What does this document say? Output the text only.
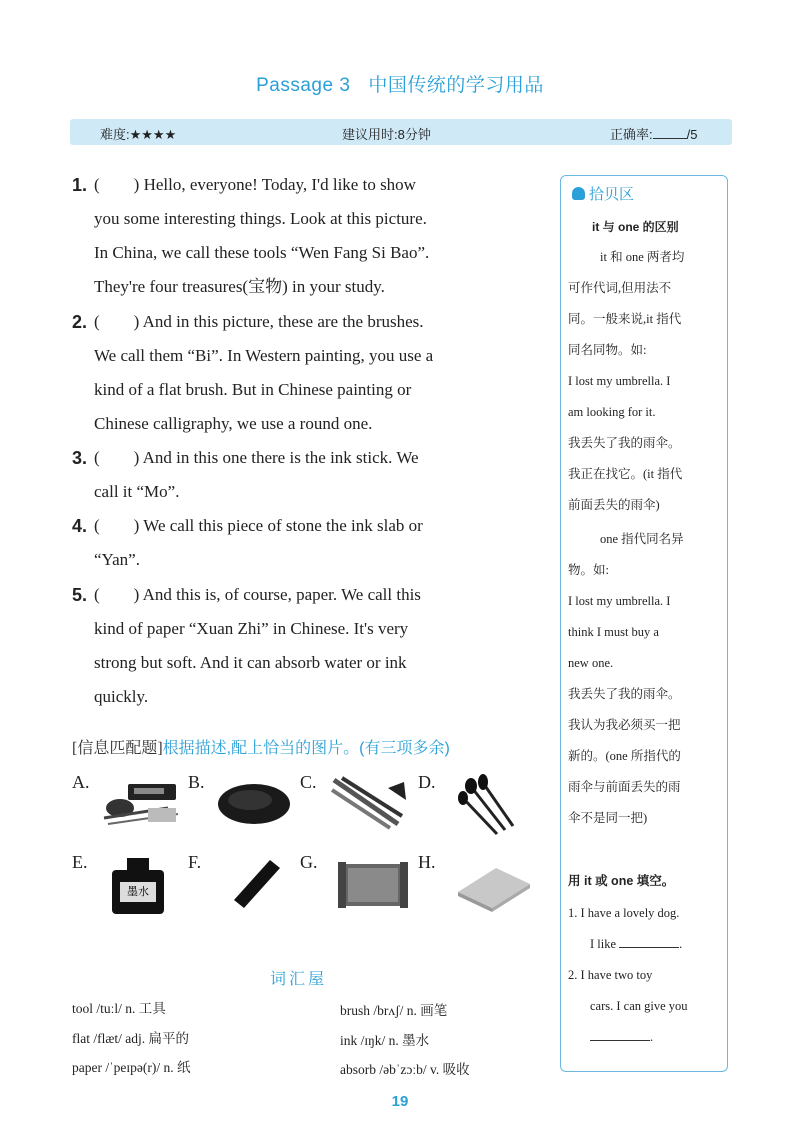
Passage 3 中国传统的学习用品
难度:★★★★	建议用时:8分钟	正确率:	/5
1. (　　) Hello, everyone! Today, I'd like to show
you some interesting things. Look at this picture.
In China, we call these tools “Wen Fang Si Bao”.
They're four treasures(宝物) in your study.
2. (　　) And in this picture, these are the brushes.
We call them “Bi”. In Western painting, you use a
kind of a flat brush. But in Chinese painting or
Chinese calligraphy, we use a round one.
3. (　　) And in this one there is the ink stick. We
call it “Mo”.
4. (　　) We call this piece of stone the ink slab or
“Yan”.
5. (　　) And this is, of course, paper. We call this
kind of paper “Xuan Zhi” in Chinese. It's very
strong but soft. And it can absorb water or ink
quickly.
[信息匹配题]根据描述,配上恰当的图片。(有三项多余)
A.	B.	C.	D.
E.
墨水
F.	G.	H.
拾贝区
it 与 one 的区别
it 和 one 两者均
可作代词,但用法不
同。一般来说,it 指代
同名同物。如:
I lost my umbrella. I
am looking for it.
我丢失了我的雨伞。
我正在找它。(it 指代
前面丢失的雨伞)
one 指代同名异
物。如:
I lost my umbrella. I
think I must buy a
new one.
我丢失了我的雨伞。
我认为我必须买一把
新的。(one 所指代的
雨伞与前面丢失的雨
伞不是同一把)
用 it 或 one 填空。
1. I have a lovely dog.
I like	.
2. I have two toy
cars. I can give you
.
词汇屋
tool /tuːl/ n. 工具
flat /flæt/ adj. 扁平的
paper /ˈpeɪpə(r)/ n. 纸
brush /brʌʃ/ n. 画笔
ink /ɪŋk/ n. 墨水
absorb /əbˈzɔːb/ v. 吸收
19
